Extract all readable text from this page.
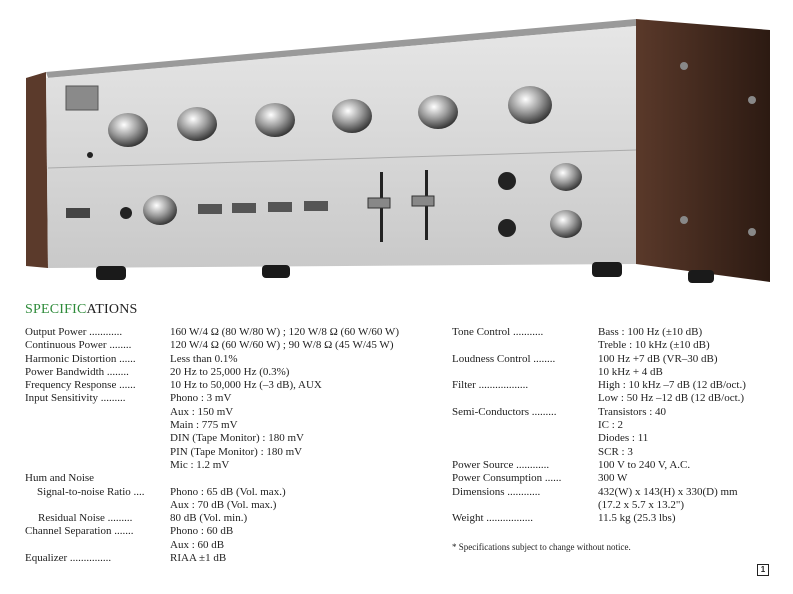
SPECIFICATIONS
Output Power ............	160 W/4 Ω (80 W/80 W) ; 120 W/8 Ω (60 W/60 W)
Continuous Power ........	120 W/4 Ω (60 W/60 W) ; 90 W/8 Ω (45 W/45 W)
Harmonic Distortion ......	Less than 0.1%
Power Bandwidth ........	20 Hz to 25,000 Hz (0.3%)
Frequency Response ......	10 Hz to 50,000 Hz (–3 dB), AUX
Input Sensitivity .........	Phono : 3 mV
Aux : 150 mV
Main : 775 mV
DIN (Tape Monitor) : 180 mV
PIN (Tape Monitor) : 180 mV
Mic : 1.2 mV
Hum and Noise
Signal-to-noise Ratio ....	Phono : 65 dB (Vol. max.)
Aux : 70 dB (Vol. max.)
Residual Noise .........	80 dB (Vol. min.)
Channel Separation .......	Phono : 60 dB
Aux : 60 dB
Equalizer ...............	RIAA ±1 dB
Tone Control ...........	Bass : 100 Hz (±10 dB)
Treble : 10 kHz (±10 dB)
Loudness Control ........	100 Hz +7 dB (VR–30 dB)
10 kHz + 4 dB
Filter ..................	High : 10 kHz –7 dB (12 dB/oct.)
Low : 50 Hz –12 dB (12 dB/oct.)
Semi-Conductors .........	Transistors : 40
IC : 2
Diodes : 11
SCR : 3
Power Source ............	100 V to 240 V, A.C.
Power Consumption ......	300 W
Dimensions ............	432(W) x 143(H) x 330(D) mm
(17.2 x 5.7 x 13.2")
Weight .................	11.5 kg (25.3 lbs)
* Specifications subject to change without notice.
1
